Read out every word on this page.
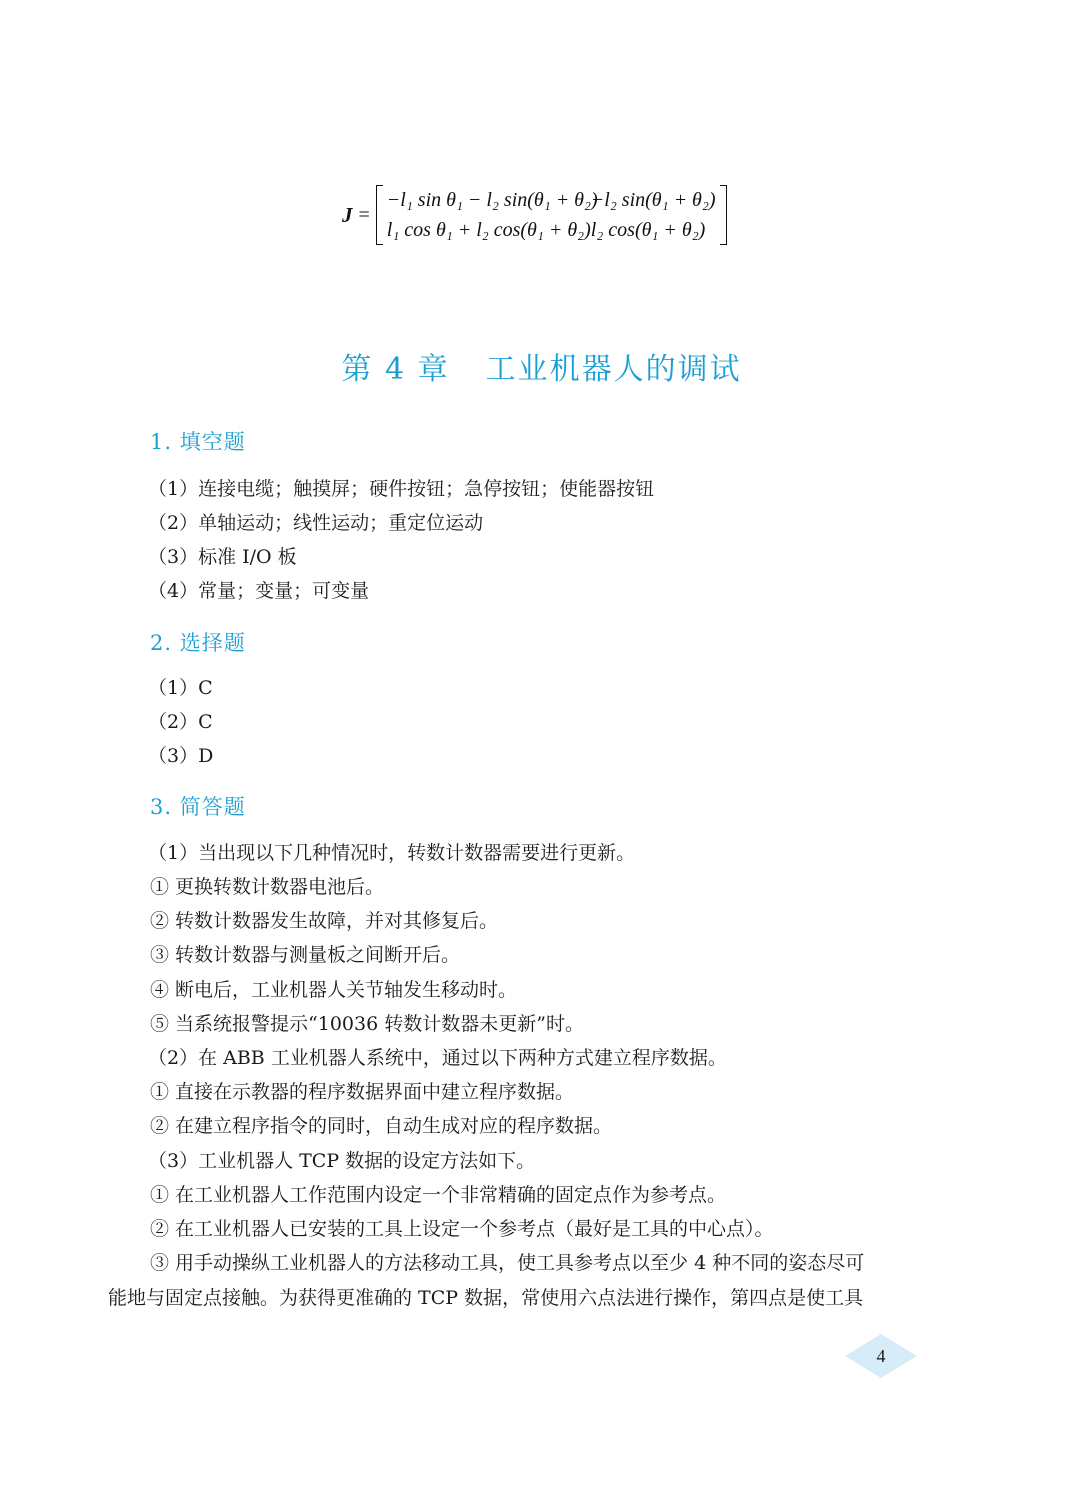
J =
−l₁ sin θ₁ − l₂ sin(θ₁ + θ₂)
−l₂ sin(θ₁ + θ₂)
l₁ cos θ₁ + l₂ cos(θ₁ + θ₂) l₂ cos(θ₁ + θ₂)
第 4 章 工业机器人的调试
1. 填空题
（1）连接电缆；触摸屏；硬件按钮；急停按钮；使能器按钮
（2）单轴运动；线性运动；重定位运动
（3）标准 I/O 板
（4）常量；变量；可变量
2. 选择题
（1）C
（2）C
（3）D
3. 简答题
（1）当出现以下几种情况时，转数计数器需要进行更新。
① 更换转数计数器电池后。
② 转数计数器发生故障，并对其修复后。
③ 转数计数器与测量板之间断开后。
④ 断电后，工业机器人关节轴发生移动时。
⑤ 当系统报警提示“10036 转数计数器未更新”时。
（2）在 ABB 工业机器人系统中，通过以下两种方式建立程序数据。
① 直接在示教器的程序数据界面中建立程序数据。
② 在建立程序指令的同时，自动生成对应的程序数据。
（3）工业机器人 TCP 数据的设定方法如下。
① 在工业机器人工作范围内设定一个非常精确的固定点作为参考点。
② 在工业机器人已安装的工具上设定一个参考点（最好是工具的中心点）。
③ 用手动操纵工业机器人的方法移动工具，使工具参考点以至少 4 种不同的姿态尽可
能地与固定点接触。为获得更准确的 TCP 数据，常使用六点法进行操作，第四点是使工具
4
